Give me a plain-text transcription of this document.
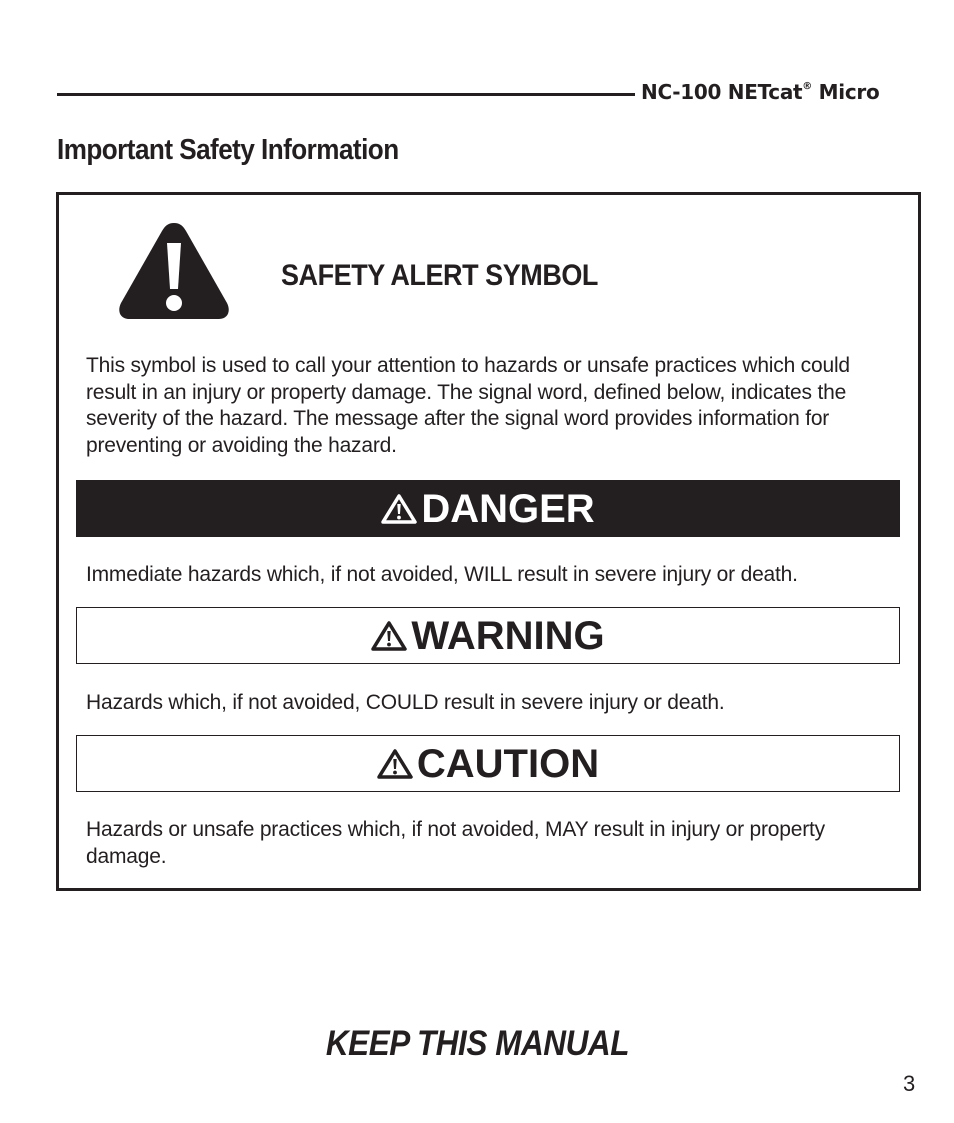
NC-100 NETcat® Micro
Important Safety Information
SAFETY ALERT SYMBOL

This symbol is used to call your attention to hazards or unsafe practices which could result in an injury or property damage. The signal word, defined below, indicates the severity of the hazard. The message after the signal word provides information for preventing or avoiding the hazard.

DANGER

Immediate hazards which, if not avoided, WILL result in severe injury or death.

WARNING

Hazards which, if not avoided, COULD result in severe injury or death.

CAUTION

Hazards or unsafe practices which, if not avoided, MAY result in injury or property damage.

KEEP THIS MANUAL

3
